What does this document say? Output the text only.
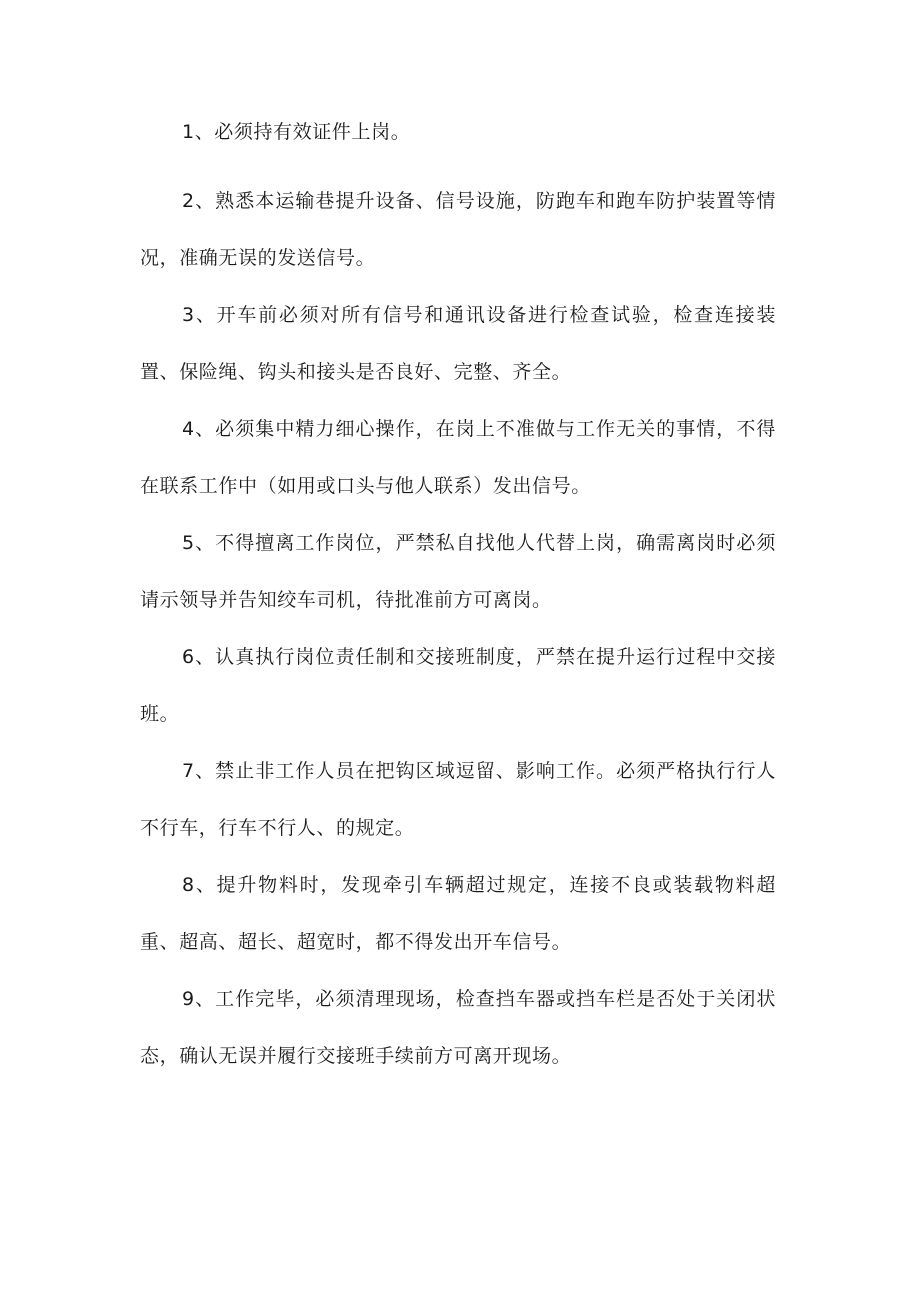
1、必须持有效证件上岗。
2、熟悉本运输巷提升设备、信号设施，防跑车和跑车防护装置等情况，准确无误的发送信号。
3、开车前必须对所有信号和通讯设备进行检查试验，检查连接装置、保险绳、钩头和接头是否良好、完整、齐全。
4、必须集中精力细心操作，在岗上不准做与工作无关的事情，不得在联系工作中（如用或口头与他人联系）发出信号。
5、不得擅离工作岗位，严禁私自找他人代替上岗，确需离岗时必须请示领导并告知绞车司机，待批准前方可离岗。
6、认真执行岗位责任制和交接班制度，严禁在提升运行过程中交接班。
7、禁止非工作人员在把钩区域逗留、影响工作。必须严格执行行人不行车，行车不行人、的规定。
8、提升物料时，发现牵引车辆超过规定，连接不良或装载物料超重、超高、超长、超宽时，都不得发出开车信号。
9、工作完毕，必须清理现场，检查挡车器或挡车栏是否处于关闭状态，确认无误并履行交接班手续前方可离开现场。
